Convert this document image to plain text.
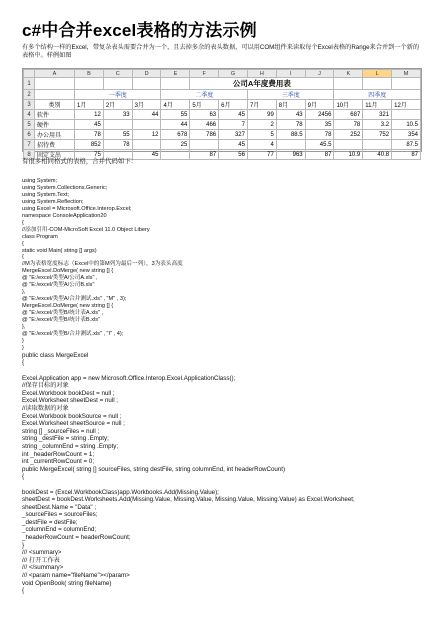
c#中合并excel表格的方法示例
有多个结构一样的Excel，带复杂表头需要合并为一个，且去掉多余的表头数据，可以用COM组件来读取每个Excel表格的Range来合并到一个新的表格中。样例如图
	A	B	C	D	E	F	G	H	I	J	K	L	M
1						公司A年度费用表							
2		一季度			二季度			三季度			四季度		
3	类别	1月	2月	3月	4月	5月	6月	7月	8月	9月	10月	11月	12月
4	软件	12	33	44	55	63	45	99	43	2456	687	321	
5	硬件	45			44	466	7	2	78	35	78	3.2	10.5
6	办公用具	78	55	12	678	786	327	5	88.5	78	252	752	354
7	招待费	852	78		25		45	4		45.5			87.5
8	固定支出	75		45		87	56	77	963	87	10.9	40.8	87
有很多相同格式的表格，合并代码如下：
using System;
using System.Collections.Generic;
using System.Text;
using System.Reflection;
using Excel = Microsoft.Office.Interop.Excel;
namespace ConsoleApplication20
{
//添加引用-COM-MicroSoft Excel 11.0 Object Libery
class Program
{
static void Main( string [] args)
{
//M为表格宽度标志（Excel中的第M列为最后一列），3为表头高度
MergeExcel.DoMerge( new string [] {
@ "E:/excel/类型A/公司A.xls" ,
@ "E:/excel/类型A/公司B.xls"
},
@ "E:/excel/类型A/合并测试.xls" , "M" , 3);
MergeExcel.DoMerge( new string [] {
@ "E:/excel/类型B/统计表A.xls" ,
@ "E:/excel/类型B/统计表B.xls"
},
@ "E:/excel/类型B/合并测试.xls" , "I" , 4);
}
}
public class MergeExcel
{

Excel.Application app = new Microsoft.Office.Interop.Excel.ApplicationClass();
//保存目标的对象
Excel.Workbook bookDest = null ;
Excel.Worksheet sheetDest = null ;
//读取数据的对象
Excel.Workbook bookSource = null ;
Excel.Worksheet sheetSource = null ;
string [] _sourceFiles = null ;
string _destFile = string .Empty;
string _columnEnd = string .Empty;
int _headerRowCount = 1;
int _currentRowCount = 0;
public MergeExcel( string [] sourceFiles, string destFile, string columnEnd, int headerRowCount)
{

bookDest = (Excel.WorkbookClass)app.Workbooks.Add(Missing.Value);
sheetDest = bookDest.Worksheets.Add(Missing.Value, Missing.Value, Missing.Value, Missing.Value) as Excel.Worksheet;
sheetDest.Name = "Data" ;
_sourceFiles = sourceFiles;
_destFile = destFile;
_columnEnd = columnEnd;
_headerRowCount = headerRowCount;
}
/// <summary>
/// 打开工作表
/// </summary>
/// <param name="fileName"></param>
void OpenBook( string fileName)
{
